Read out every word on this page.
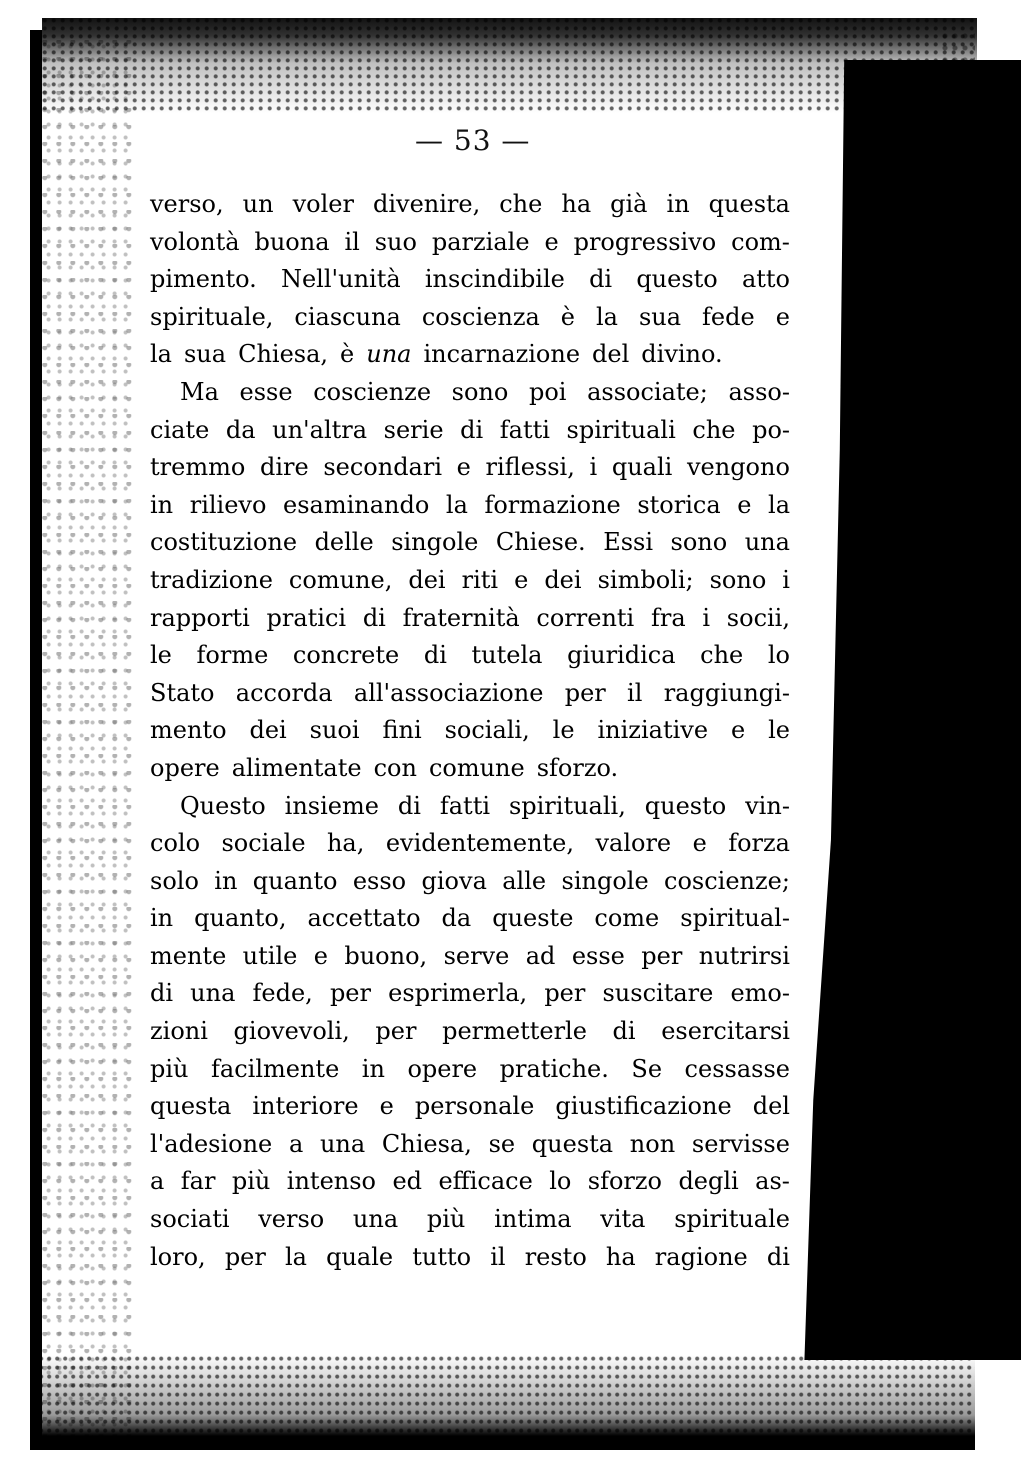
— 53 —
verso, un voler divenire, che ha già in questa
volontà buona il suo parziale e progressivo com-
pimento. Nell'unità inscindibile di questo atto
spirituale, ciascuna coscienza è la sua fede e
la sua Chiesa, è una incarnazione del divino.
Ma esse coscienze sono poi associate; asso-
ciate da un'altra serie di fatti spirituali che po-
tremmo dire secondari e riflessi, i quali vengono
in rilievo esaminando la formazione storica e la
costituzione delle singole Chiese. Essi sono una
tradizione comune, dei riti e dei simboli; sono i
rapporti pratici di fraternità correnti fra i socii,
le forme concrete di tutela giuridica che lo
Stato accorda all'associazione per il raggiungi-
mento dei suoi fini sociali, le iniziative e le
opere alimentate con comune sforzo.
Questo insieme di fatti spirituali, questo vin-
colo sociale ha, evidentemente, valore e forza
solo in quanto esso giova alle singole coscienze;
in quanto, accettato da queste come spiritual-
mente utile e buono, serve ad esse per nutrirsi
di una fede, per esprimerla, per suscitare emo-
zioni giovevoli, per permetterle di esercitarsi
più facilmente in opere pratiche. Se cessasse
questa interiore e personale giustificazione del
l'adesione a una Chiesa, se questa non servisse
a far più intenso ed efficace lo sforzo degli as-
sociati verso una più intima vita spirituale
loro, per la quale tutto il resto ha ragione di
